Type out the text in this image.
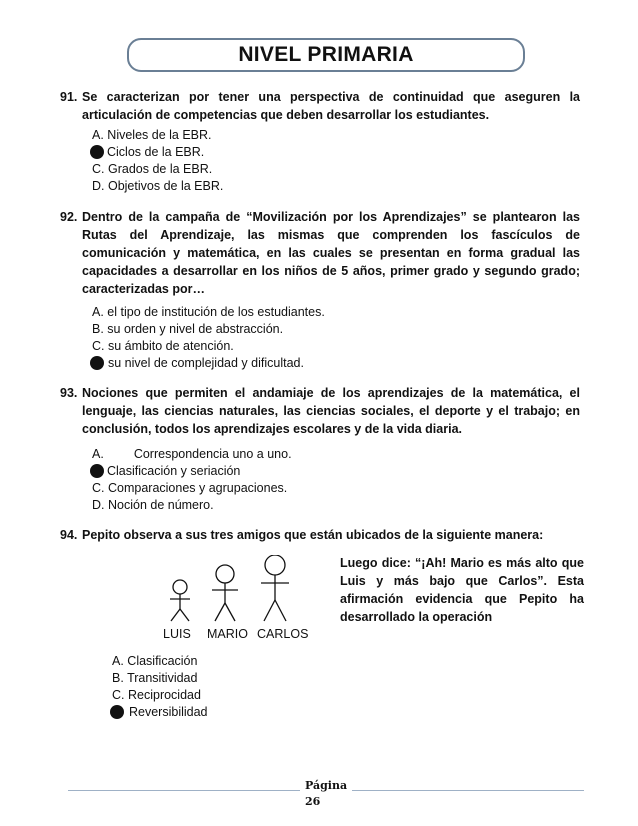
NIVEL PRIMARIA
91. Se caracterizan por tener una perspectiva de continuidad que aseguren la articulación de competencias que deben desarrollar los estudiantes.
A. Niveles de la EBR.
Ciclos de la EBR.
C. Grados de la EBR.
D. Objetivos de la EBR.
92. Dentro de la campaña de “Movilización por los Aprendizajes” se plantearon las Rutas del Aprendizaje, las mismas que comprenden los fascículos de comunicación y matemática, en las cuales se presentan en forma gradual las capacidades a desarrollar en los niños de 5 años, primer grado y segundo grado; caracterizadas por…
A. el tipo de institución de los estudiantes.
B. su orden y nivel de abstracción.
C. su ámbito de atención.
su nivel de complejidad y dificultad.
93. Nociones que permiten el andamiaje de los aprendizajes de la matemática, el lenguaje, las ciencias naturales, las ciencias sociales, el deporte y el trabajo; en conclusión, todos los aprendizajes escolares y de la vida diaria.
A. Correspondencia uno a uno.
Clasificación y seriación
C. Comparaciones y agrupaciones.
D. Noción de número.
94. Pepito observa a sus tres amigos que están ubicados de la siguiente manera:
LUIS MARIO CARLOS
Luego dice: “¡Ah! Mario es más alto que Luis y más bajo que Carlos”. Esta afirmación evidencia que Pepito ha desarrollado la operación
A. Clasificación
B. Transitividad
C. Reciprocidad
Reversibilidad
Página
26
